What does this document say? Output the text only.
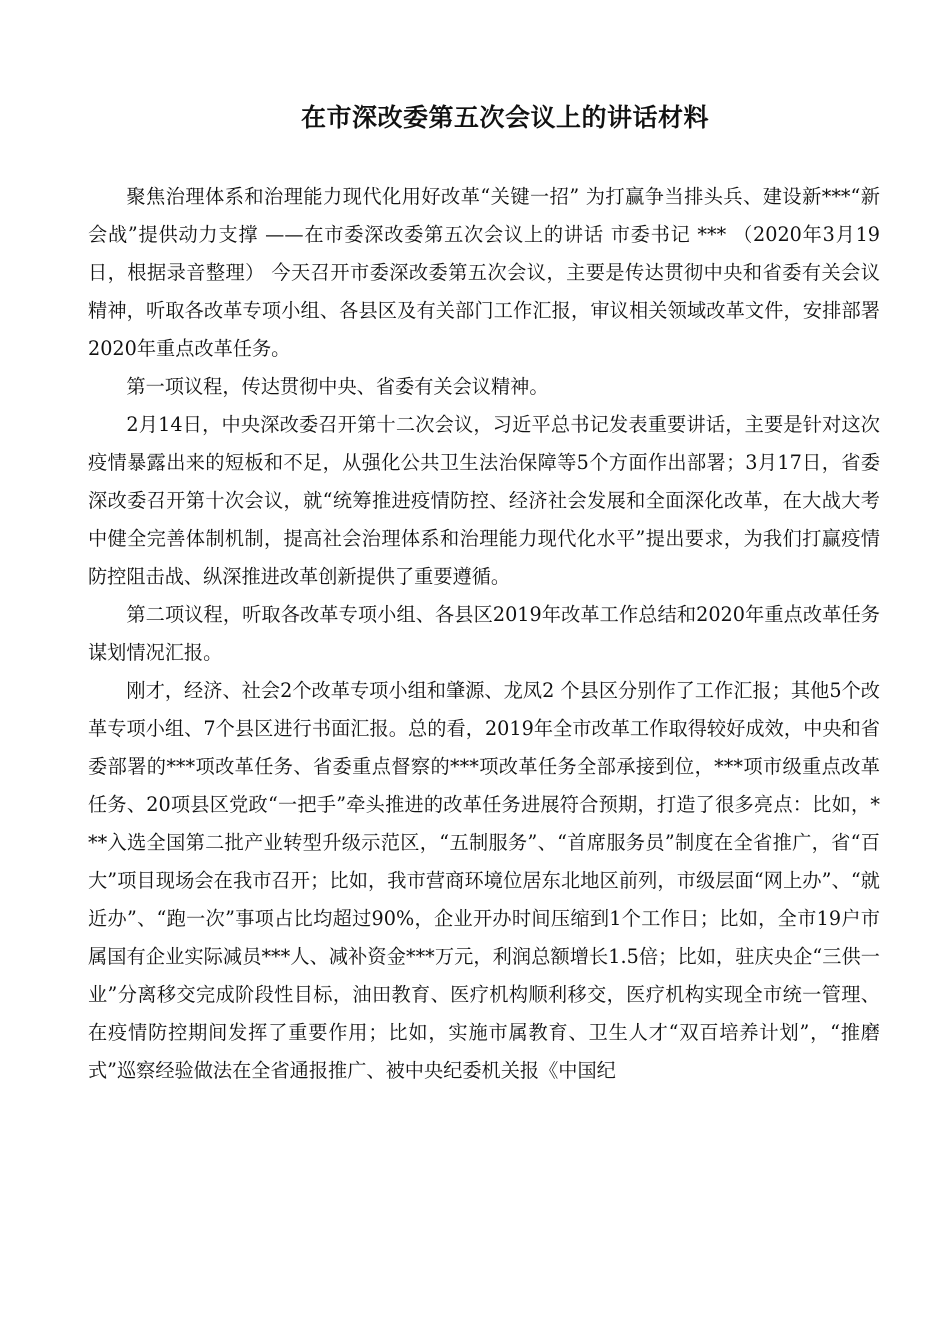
在市深改委第五次会议上的讲话材料

聚焦治理体系和治理能力现代化用好改革“关键一招” 为打赢争当排头兵、建设新***“新会战”提供动力支撑 ——在市委深改委第五次会议上的讲话 市委书记 *** （2020年3月19日，根据录音整理） 今天召开市委深改委第五次会议，主要是传达贯彻中央和省委有关会议精神，听取各改革专项小组、各县区及有关部门工作汇报，审议相关领域改革文件，安排部署2020年重点改革任务。

第一项议程，传达贯彻中央、省委有关会议精神。

2月14日，中央深改委召开第十二次会议，习近平总书记发表重要讲话，主要是针对这次疫情暴露出来的短板和不足，从强化公共卫生法治保障等5个方面作出部署；3月17日，省委深改委召开第十次会议，就“统筹推进疫情防控、经济社会发展和全面深化改革，在大战大考中健全完善体制机制，提高社会治理体系和治理能力现代化水平”提出要求，为我们打赢疫情防控阻击战、纵深推进改革创新提供了重要遵循。

第二项议程，听取各改革专项小组、各县区2019年改革工作总结和2020年重点改革任务谋划情况汇报。

刚才，经济、社会2个改革专项小组和肇源、龙凤2 个县区分别作了工作汇报；其他5个改革专项小组、7个县区进行书面汇报。总的看，2019年全市改革工作取得较好成效，中央和省委部署的***项改革任务、省委重点督察的***项改革任务全部承接到位，***项市级重点改革任务、20项县区党政“一把手”牵头推进的改革任务进展符合预期，打造了很多亮点：比如，***入选全国第二批产业转型升级示范区，“五制服务”、“首席服务员”制度在全省推广，省“百大”项目现场会在我市召开；比如，我市营商环境位居东北地区前列，市级层面“网上办”、“就近办”、“跑一次”事项占比均超过90%，企业开办时间压缩到1个工作日；比如，全市19户市属国有企业实际减员***人、减补资金***万元，利润总额增长1.5倍；比如，驻庆央企“三供一业”分离移交完成阶段性目标，油田教育、医疗机构顺利移交，医疗机构实现全市统一管理、在疫情防控期间发挥了重要作用；比如，实施市属教育、卫生人才“双百培养计划”，“推磨式”巡察经验做法在全省通报推广、被中央纪委机关报《中国纪
